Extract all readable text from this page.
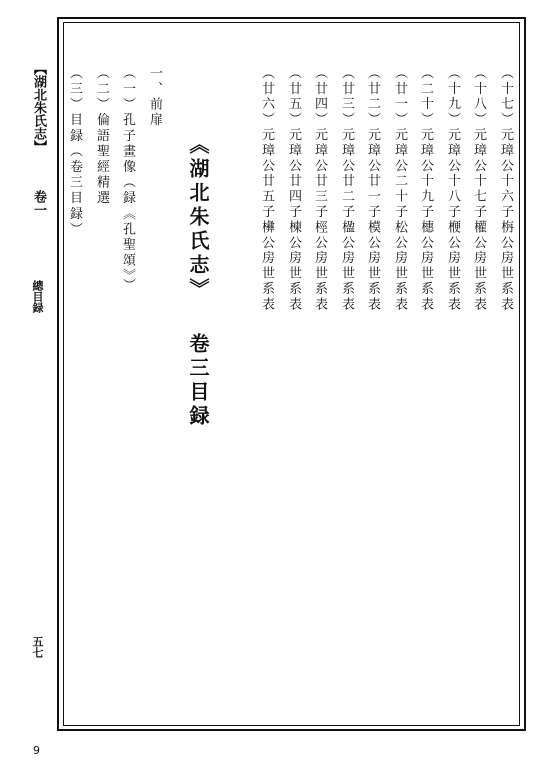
【湖北朱氏志】
卷一
總目録
五七
（十七）元璋公十六子栴公房世系表
（十八）元璋公十七子權公房世系表
（十九）元璋公十八子楩公房世系表
（二十）元璋公十九子橞公房世系表
（廿一）元璋公二十子松公房世系表
（廿二）元璋公廿一子模公房世系表
（廿三）元璋公廿二子楹公房世系表
（廿四）元璋公廿三子桱公房世系表
（廿五）元璋公廿四子楝公房世系表
（廿六）元璋公廿五子㰘公房世系表
《湖北朱氏志》
卷三目録
一、前扉
（一）孔子畫像（録《孔聖頌》）
（二）倫語聖經精選
（三）目録（卷三目録）
9
